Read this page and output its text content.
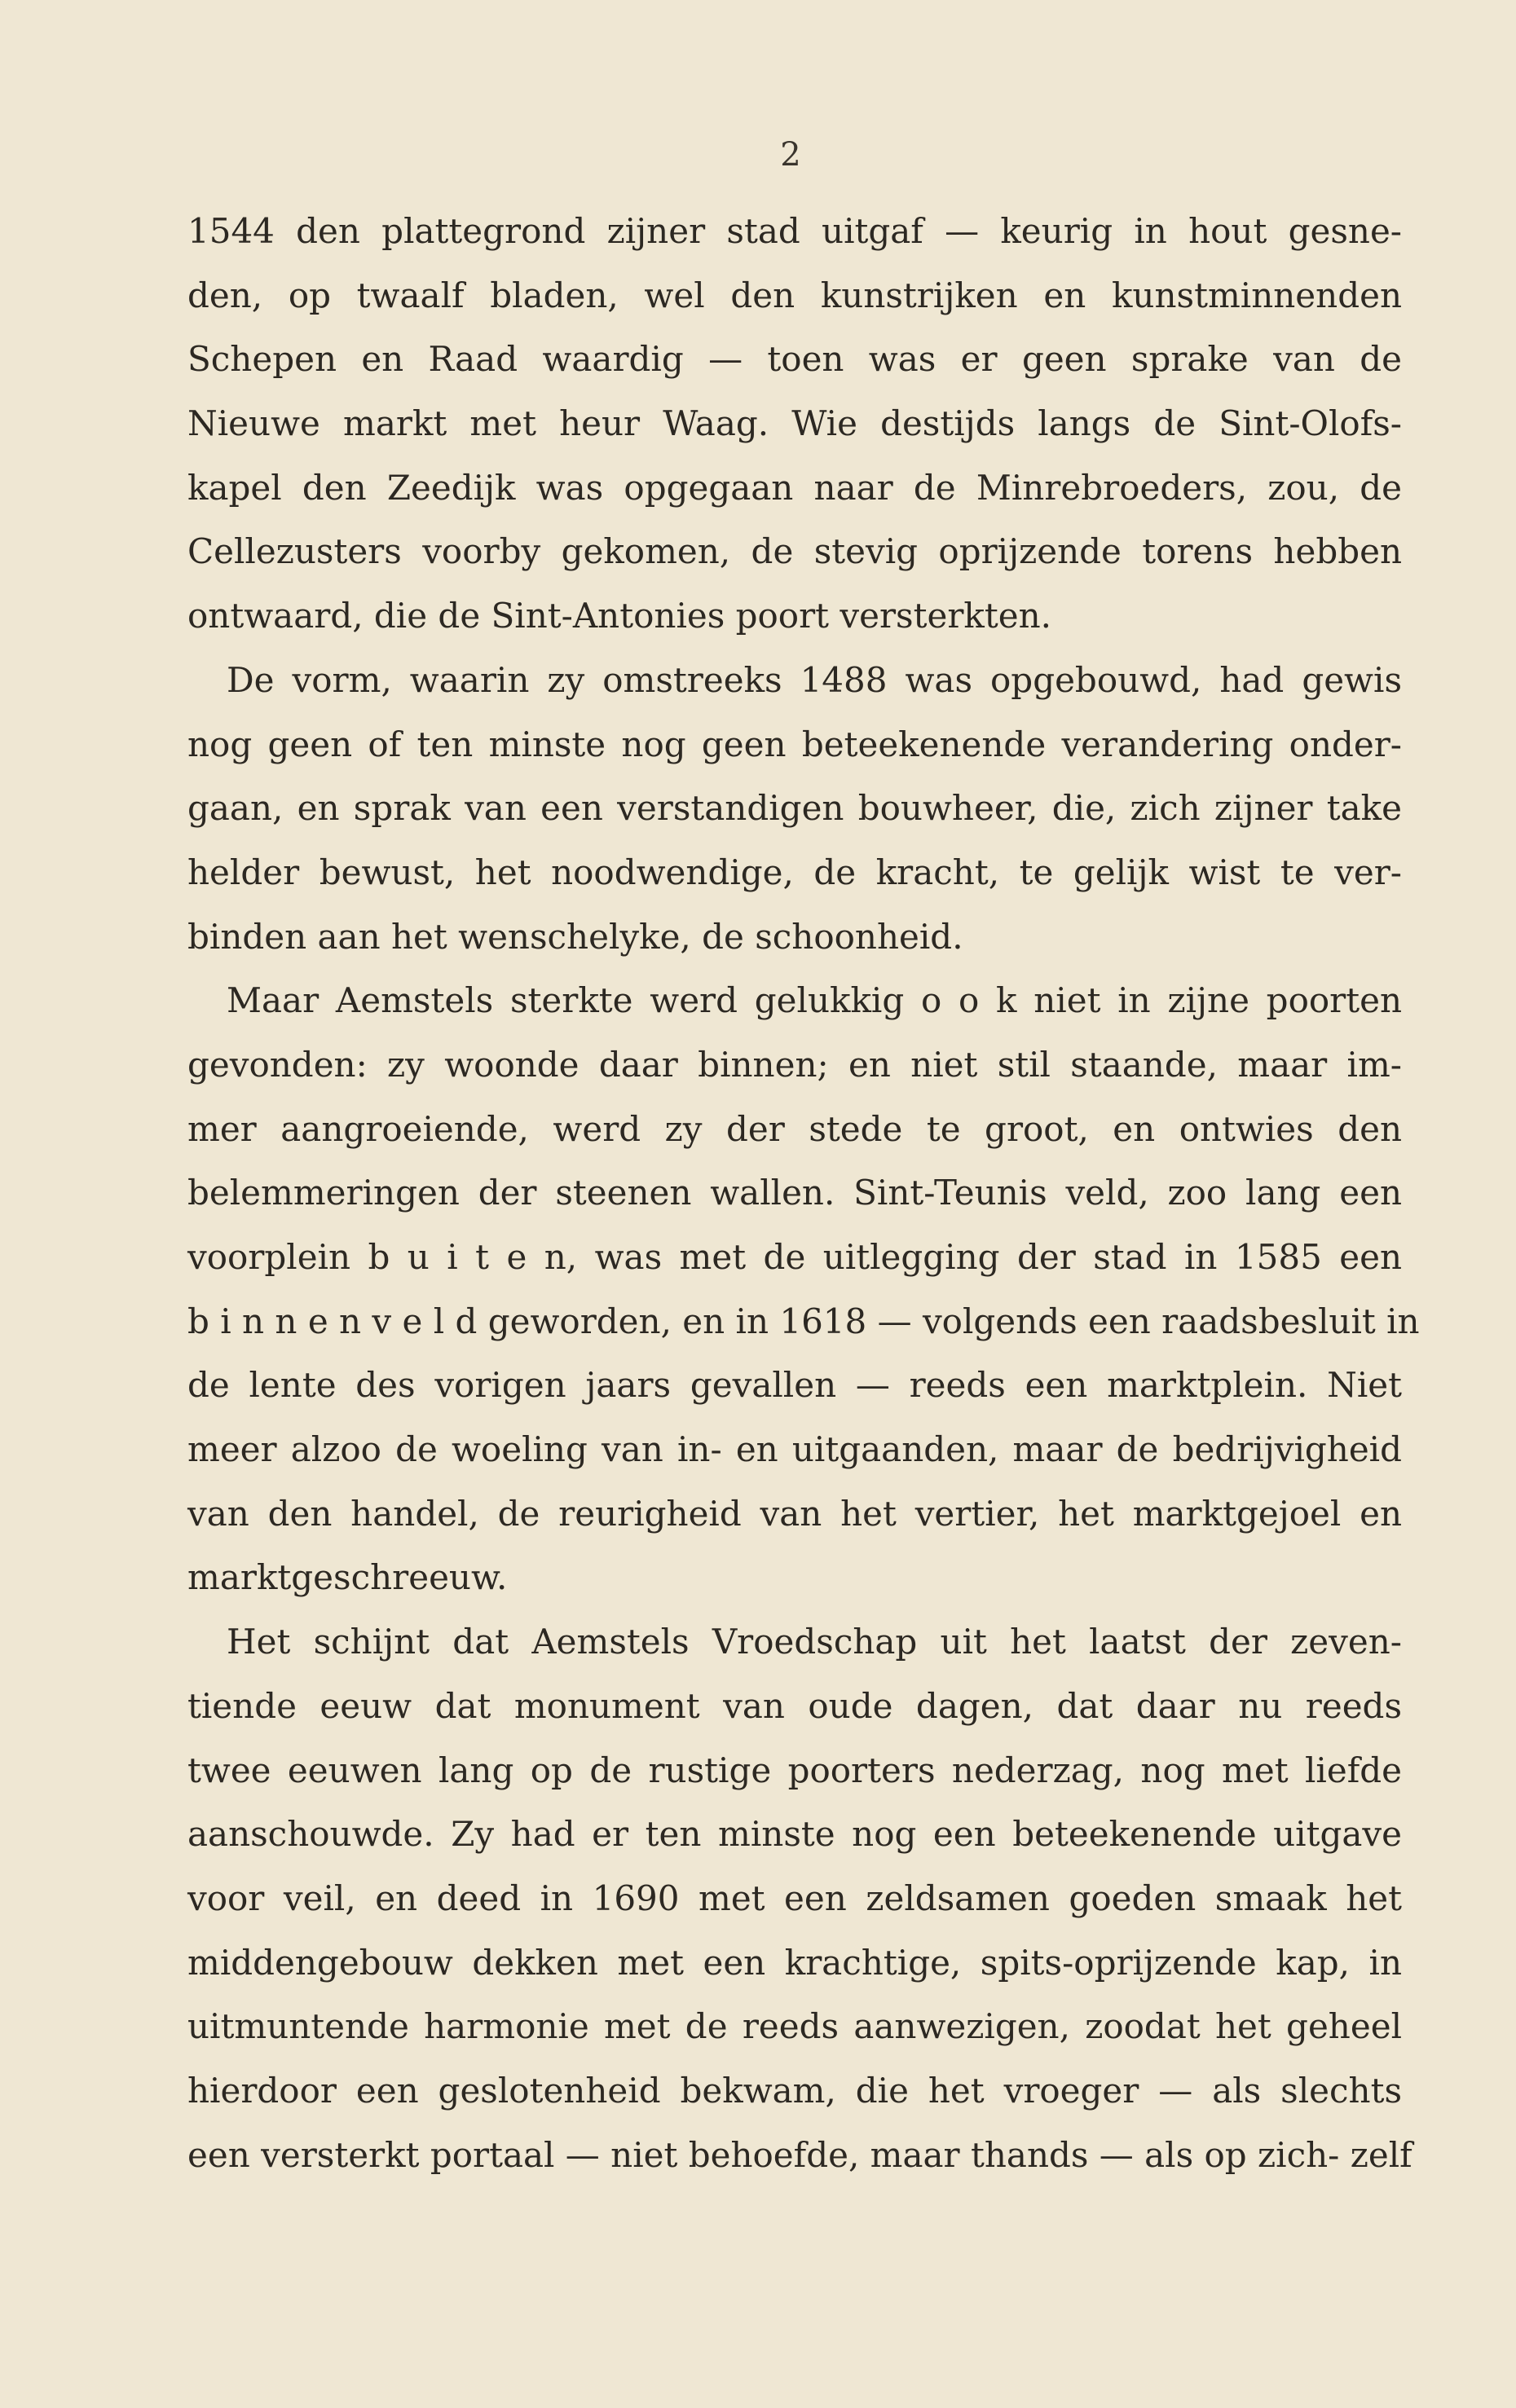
2
1544 den plattegrond zijner stad uitgaf — keurig in hout gesne-
den, op twaalf bladen, wel den kunstrijken en kunstminnenden
Schepen en Raad waardig — toen was er geen sprake van de
Nieuwe markt met heur Waag. Wie destijds langs de Sint-Olofs-
kapel den Zeedijk was opgegaan naar de Minrebroeders, zou, de
Cellezusters voorby gekomen, de stevig oprijzende torens hebben
ontwaard, die de Sint-Antonies poort versterkten.
De vorm, waarin zy omstreeks 1488 was opgebouwd, had gewis
nog geen of ten minste nog geen beteekenende verandering onder-
gaan, en sprak van een verstandigen bouwheer, die, zich zijner take
helder bewust, het noodwendige, de kracht, te gelijk wist te ver-
binden aan het wenschelyke, de schoonheid.
Maar Aemstels sterkte werd gelukkig o o k niet in zijne poorten
gevonden: zy woonde daar binnen; en niet stil staande, maar im-
mer aangroeiende, werd zy der stede te groot, en ontwies den
belemmeringen der steenen wallen. Sint-Teunis veld, zoo lang een
voorplein b u i t e n, was met de uitlegging der stad in 1585 een
b i n n e n v e l d geworden, en in 1618 — volgends een raadsbesluit in
de lente des vorigen jaars gevallen — reeds een marktplein. Niet
meer alzoo de woeling van in- en uitgaanden, maar de bedrijvigheid
van den handel, de reurigheid van het vertier, het marktgejoel en
marktgeschreeuw.
Het schijnt dat Aemstels Vroedschap uit het laatst der zeven-
tiende eeuw dat monument van oude dagen, dat daar nu reeds
twee eeuwen lang op de rustige poorters nederzag, nog met liefde
aanschouwde. Zy had er ten minste nog een beteekenende uitgave
voor veil, en deed in 1690 met een zeldsamen goeden smaak het
middengebouw dekken met een krachtige, spits-oprijzende kap, in
uitmuntende harmonie met de reeds aanwezigen, zoodat het geheel
hierdoor een geslotenheid bekwam, die het vroeger — als slechts
een versterkt portaal — niet behoefde, maar thands — als op zich- zelf
